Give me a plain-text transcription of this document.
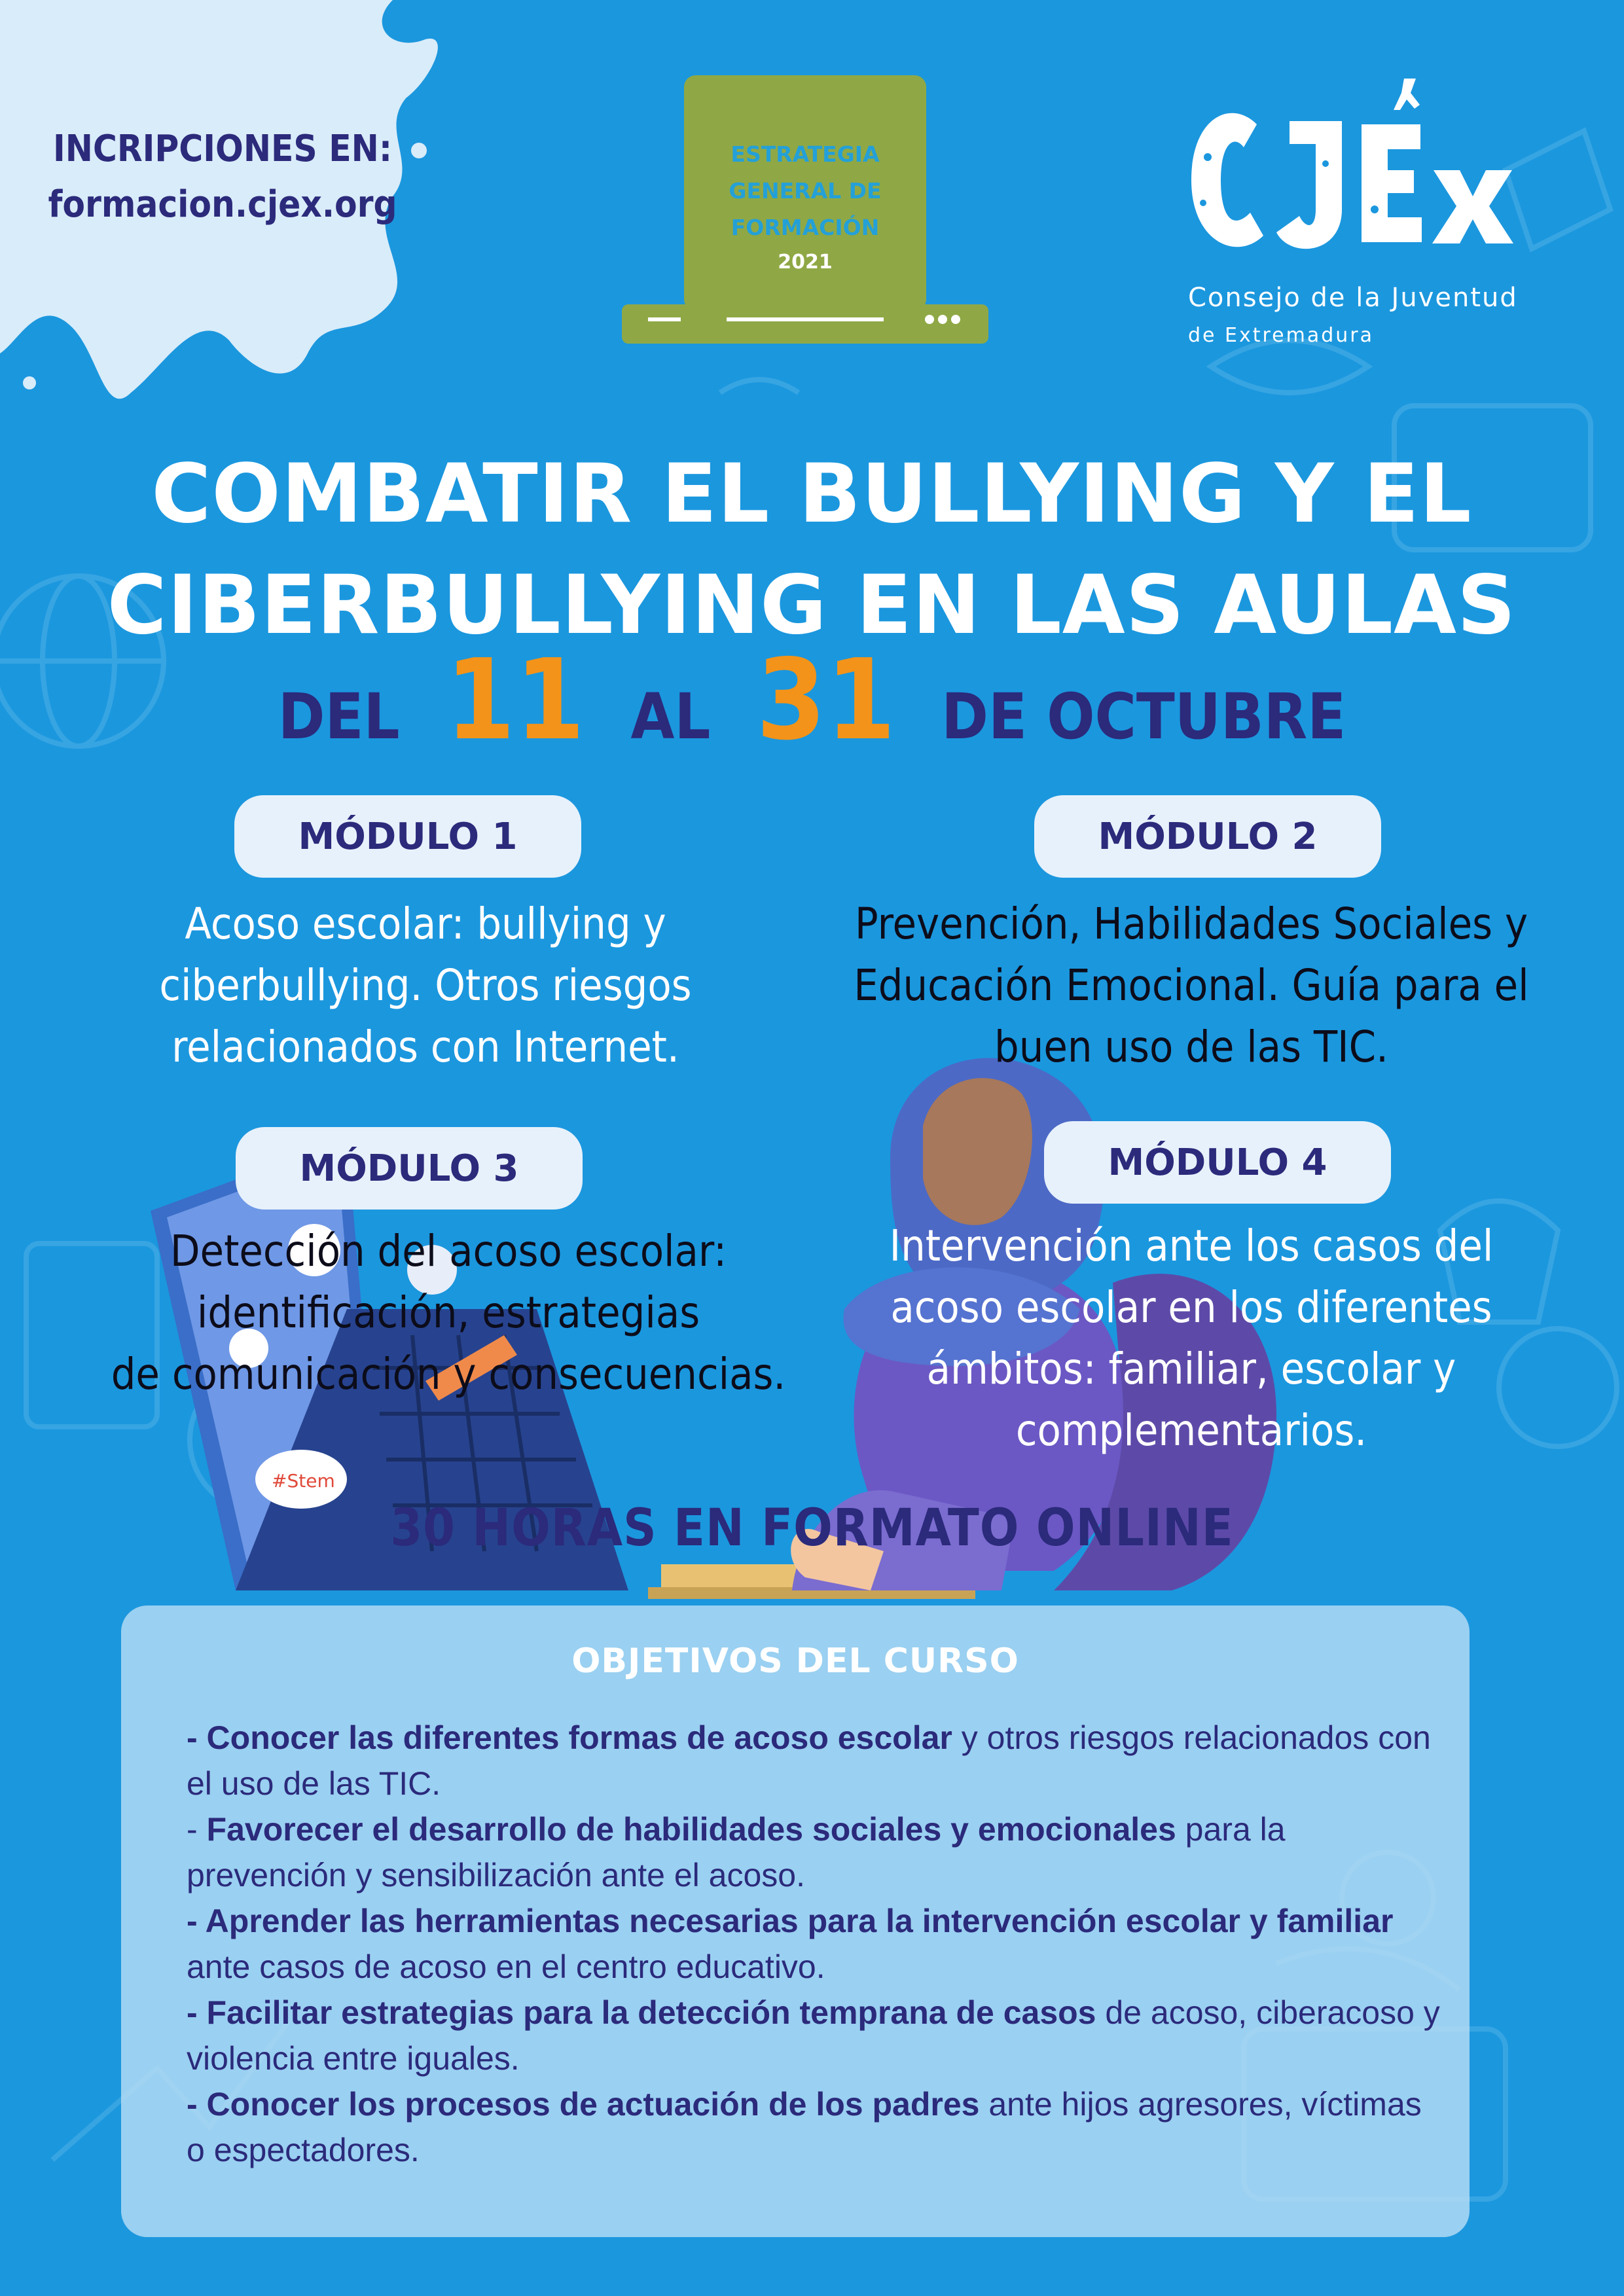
INCRIPCIONES EN:
formacion.cjex.org
ESTRATEGIA
GENERAL DE
FORMACIÓN
2021
Consejo de la Juventud
de Extremadura
COMBATIR EL BULLYING Y EL
CIBERBULLYING EN LAS AULAS
DEL 11 AL 31 DE OCTUBRE
#Stem
MÓDULO 1	MÓDULO 2
MÓDULO 3	MÓDULO 4
Acoso escolar: bullying y
ciberbullying. Otros riesgos
relacionados con Internet.
Prevención, Habilidades Sociales y
Educación Emocional. Guía para el
buen uso de las TIC.
Detección del acoso escolar:
identificación, estrategias
de comunicación y consecuencias.
Intervención ante los casos del
acoso escolar en los diferentes
ámbitos: familiar, escolar y
complementarios.
30 HORAS EN FORMATO ONLINE
OBJETIVOS DEL CURSO
- Conocer las diferentes formas de acoso escolar y otros riesgos relacionados con el uso de las TIC.
- Favorecer el desarrollo de habilidades sociales y emocionales para la prevención y sensibilización ante el acoso.
- Aprender las herramientas necesarias para la intervención escolar y familiar ante casos de acoso en el centro educativo.
- Facilitar estrategias para la detección temprana de casos de acoso, ciberacoso y violencia entre iguales.
- Conocer los procesos de actuación de los padres ante hijos agresores, víctimas o espectadores.
